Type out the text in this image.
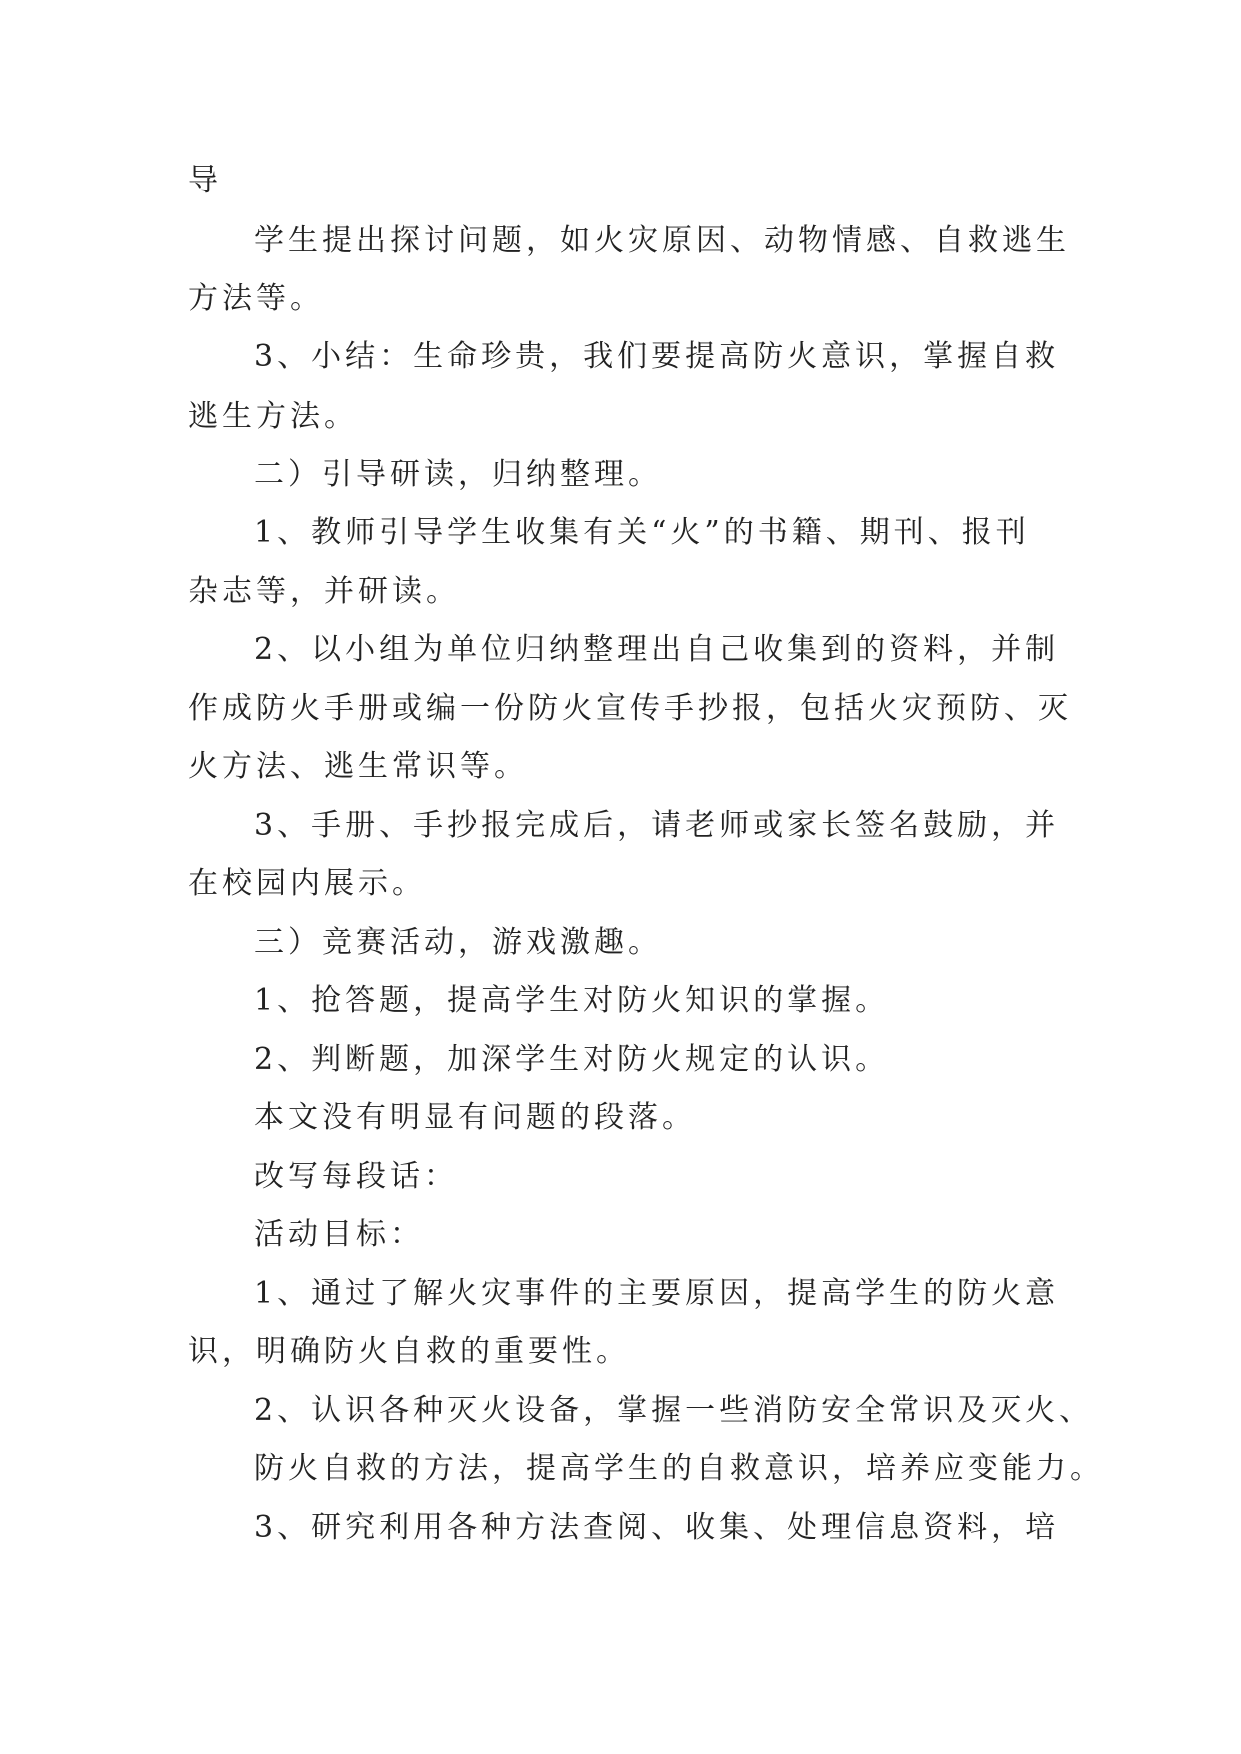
导
学生提出探讨问题，如火灾原因、动物情感、自救逃生
方法等。
3、小结：生命珍贵，我们要提高防火意识，掌握自救
逃生方法。
二）引导研读，归纳整理。
1、教师引导学生收集有关“火”的书籍、期刊、报刊
杂志等，并研读。
2、以小组为单位归纳整理出自己收集到的资料，并制
作成防火手册或编一份防火宣传手抄报，包括火灾预防、灭
火方法、逃生常识等。
3、手册、手抄报完成后，请老师或家长签名鼓励，并
在校园内展示。
三）竞赛活动，游戏激趣。
1、抢答题，提高学生对防火知识的掌握。
2、判断题，加深学生对防火规定的认识。
本文没有明显有问题的段落。
改写每段话：
活动目标：
1、通过了解火灾事件的主要原因，提高学生的防火意
识，明确防火自救的重要性。
2、认识各种灭火设备，掌握一些消防安全常识及灭火、
防火自救的方法，提高学生的自救意识，培养应变能力。
3、研究利用各种方法查阅、收集、处理信息资料，培
